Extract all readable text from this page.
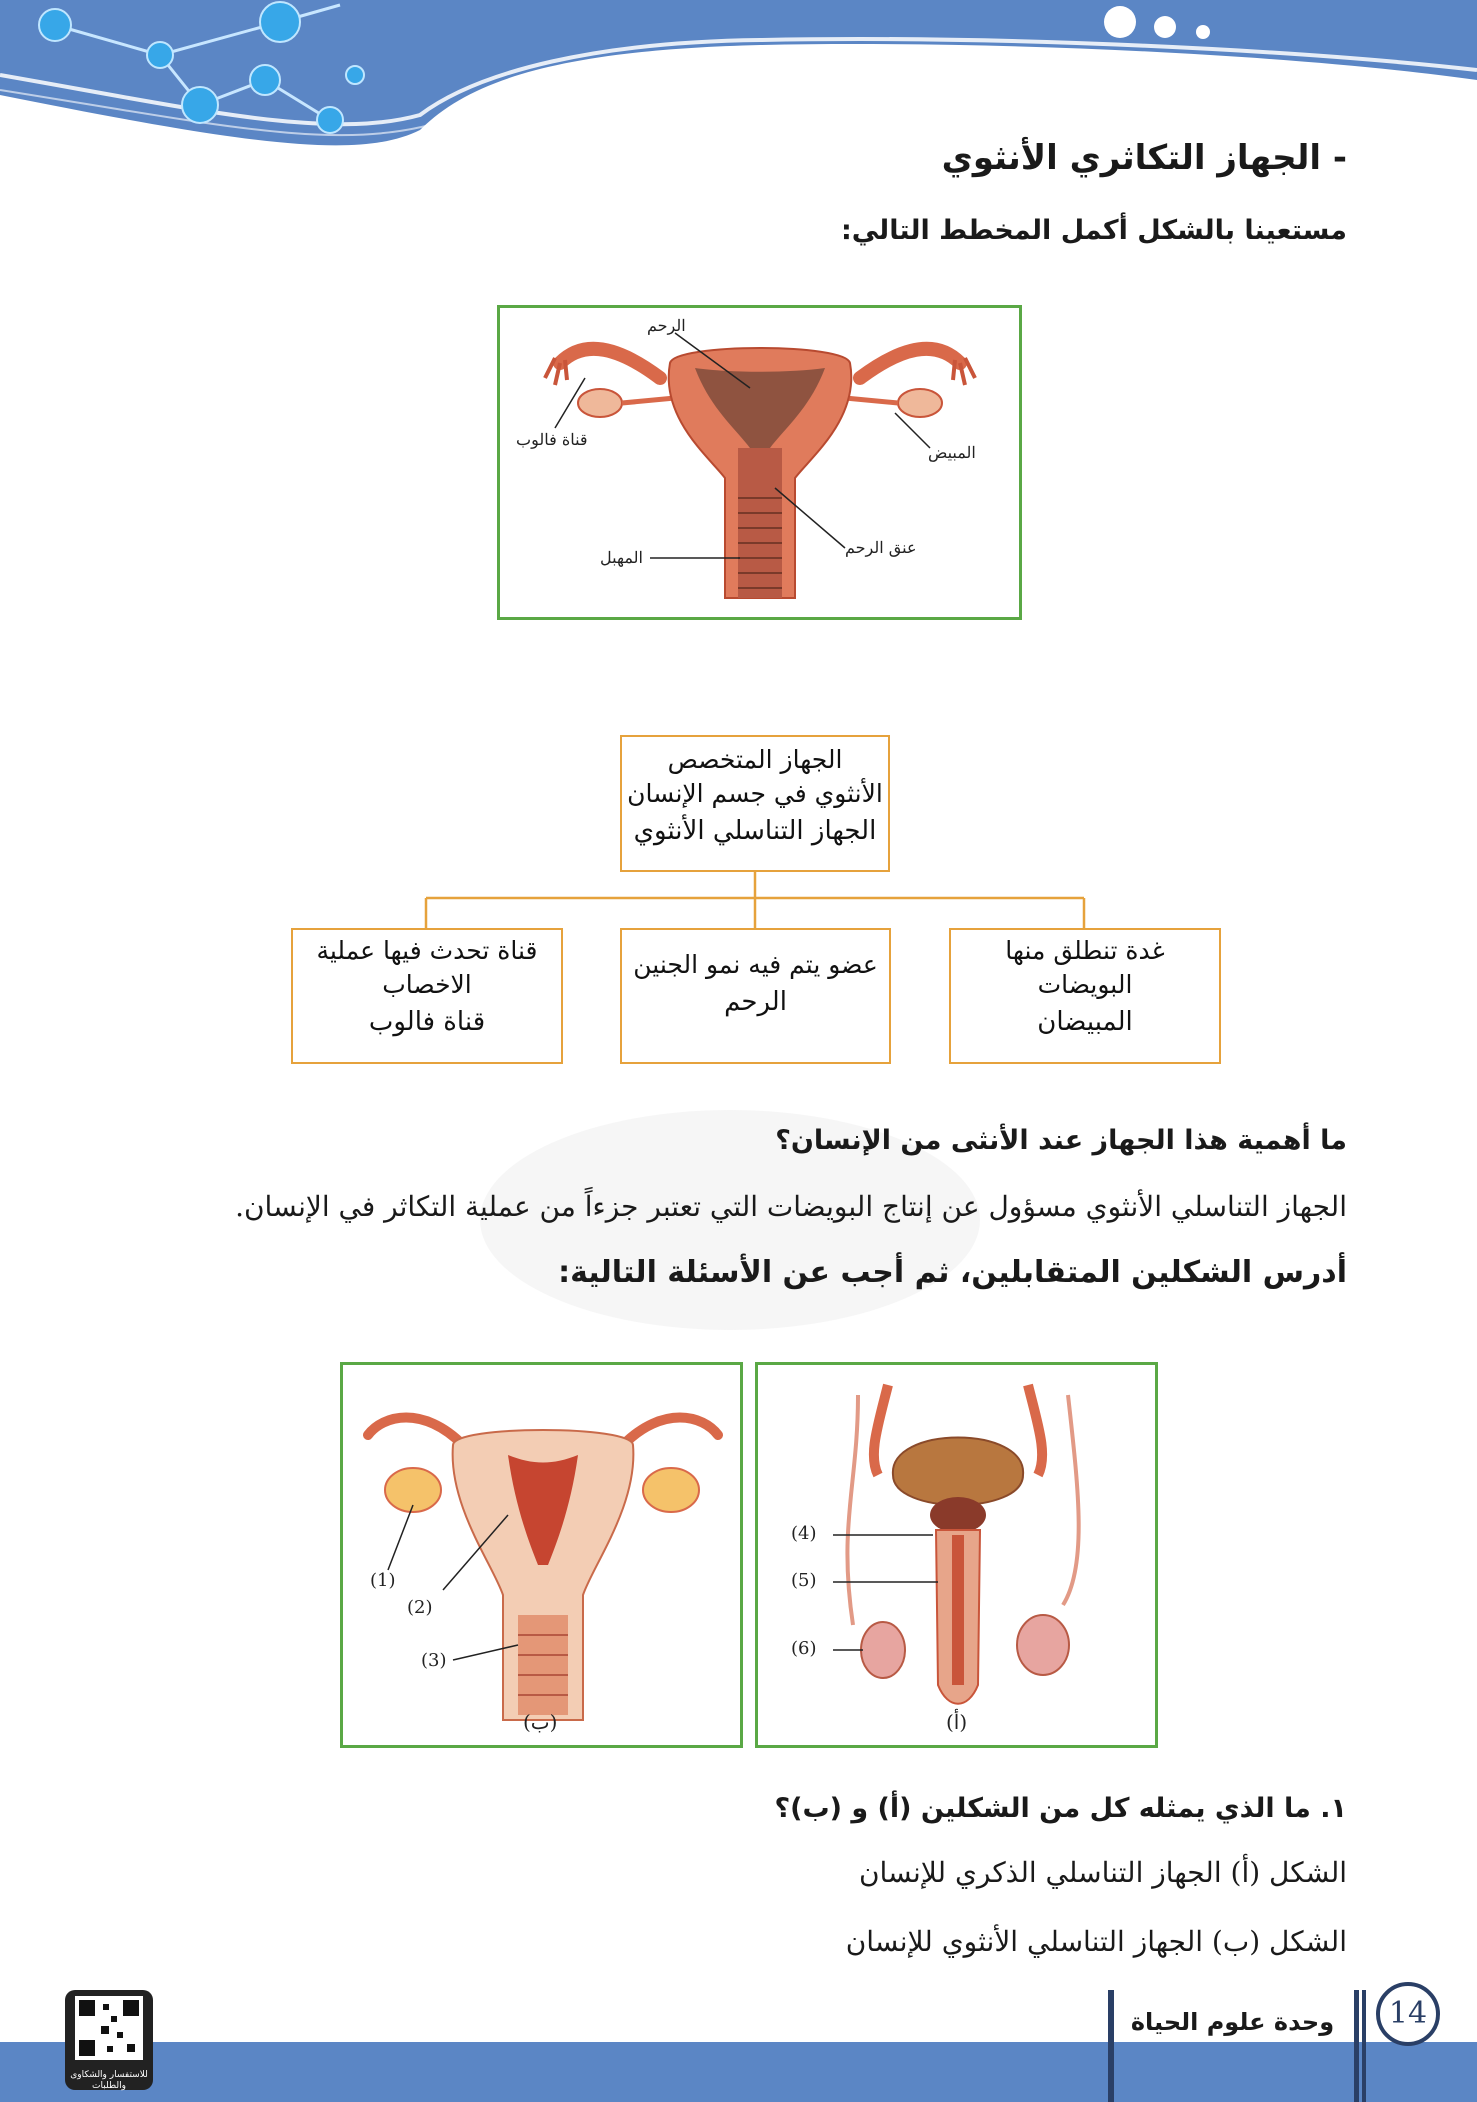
- الجهاز التكاثري الأنثوي
مستعينا بالشكل أكمل المخطط التالي:
الرحم
قناة فالوب
المبيض
عنق الرحم
المهبل
الجهاز المتخصص
الأنثوي في جسم الإنسان
الجهاز التناسلي الأنثوي
غدة تنطلق منها
البويضات
المبيضان
عضو يتم فيه نمو الجنين
الرحم
قناة تحدث فيها عملية
الاخصاب
قناة فالوب
ما أهمية هذا الجهاز عند الأنثى من الإنسان؟
الجهاز التناسلي الأنثوي مسؤول عن إنتاج البويضات التي تعتبر جزءاً من عملية التكاثر في الإنسان.
أدرس الشكلين المتقابلين، ثم أجب عن الأسئلة التالية:
(1)
(2)
(3)
(ب)
(4)
(5)
(6)
(أ)
١. ما الذي يمثله كل من الشكلين (أ) و (ب)؟
الشكل (أ) الجهاز التناسلي الذكري للإنسان
الشكل (ب) الجهاز التناسلي الأنثوي للإنسان
وحدة علوم الحياة	14
للاستفسار والشكاوى والطلبات
